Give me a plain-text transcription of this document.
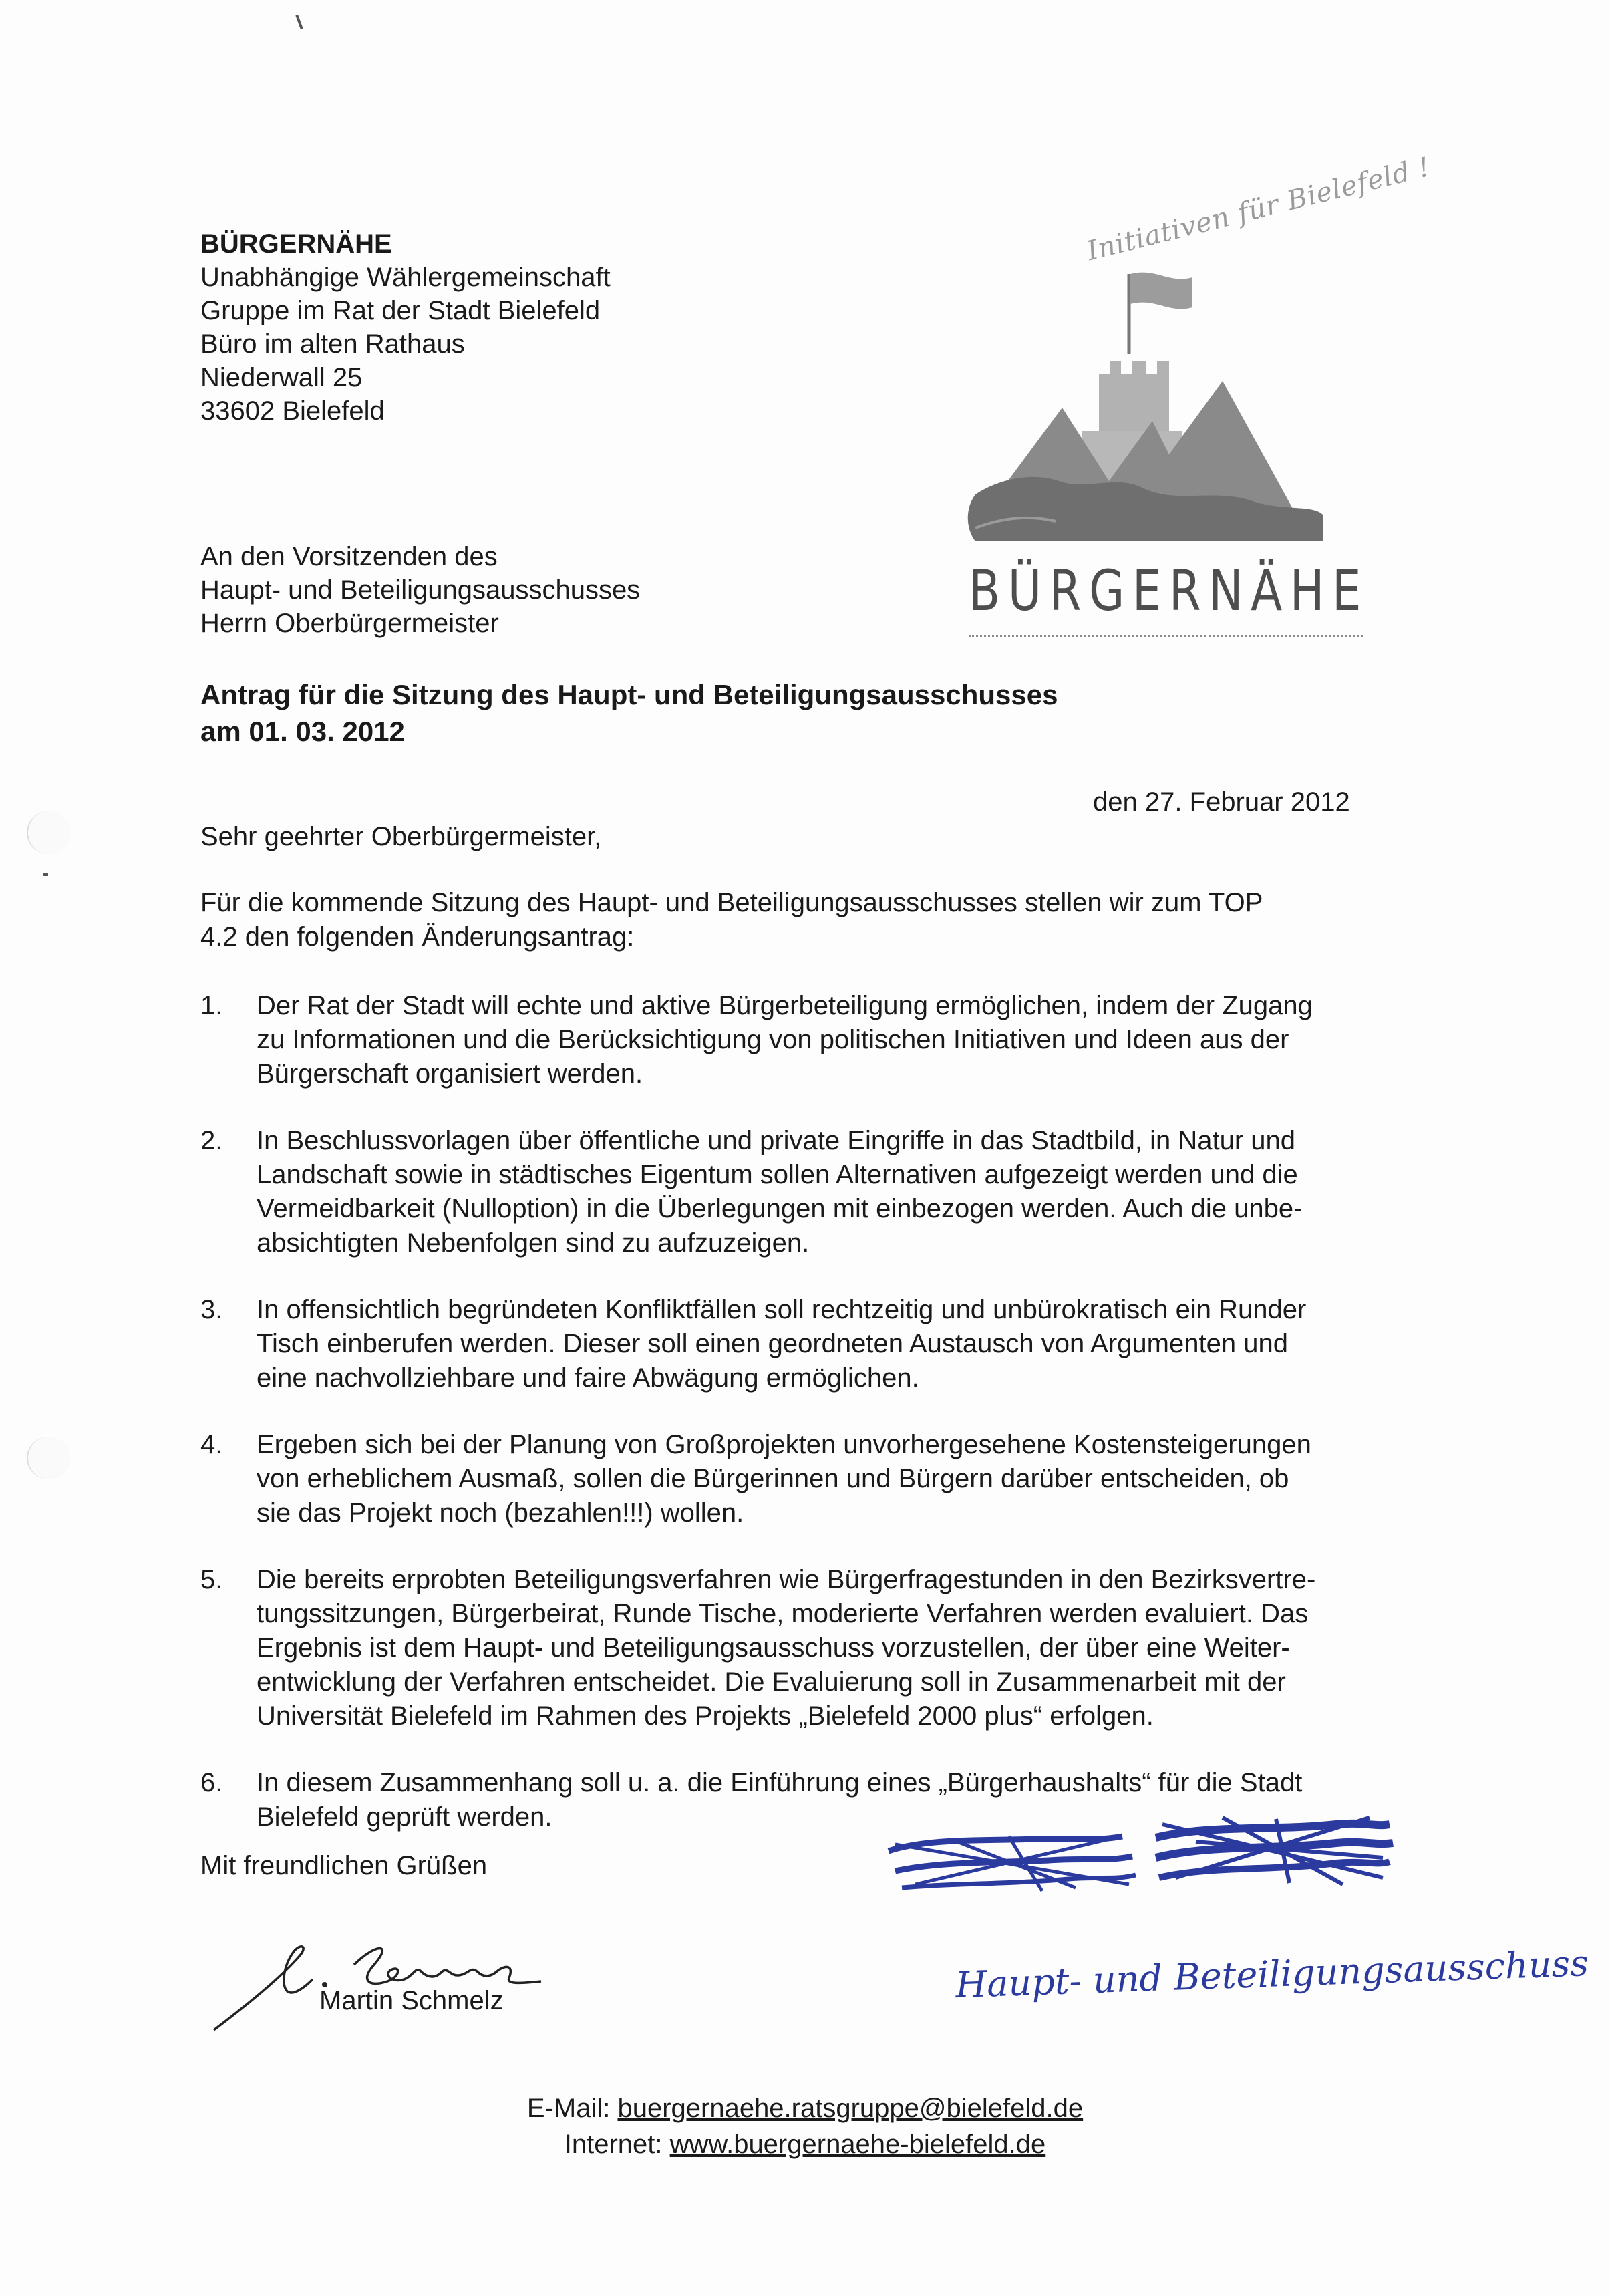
BÜRGERNÄHE
Unabhängige Wählergemeinschaft
Gruppe im Rat der Stadt Bielefeld
Büro im alten Rathaus
Niederwall 25
33602 Bielefeld
Initiativen für Bielefeld !
BÜRGERNÄHE
An den Vorsitzenden des
Haupt- und Beteiligungsausschusses
Herrn Oberbürgermeister
Antrag für die Sitzung des Haupt- und Beteiligungsausschusses
am 01. 03. 2012
den 27. Februar 2012
Sehr geehrter Oberbürgermeister,
Für die kommende Sitzung des Haupt- und Beteiligungsausschusses stellen wir zum TOP
4.2 den folgenden Änderungsantrag:
1. Der Rat der Stadt will echte und aktive Bürgerbeteiligung ermöglichen, indem der Zugang
zu Informationen und die Berücksichtigung von politischen Initiativen und Ideen aus der
Bürgerschaft organisiert werden.
2. In Beschlussvorlagen über öffentliche und private Eingriffe in das Stadtbild, in Natur und
Landschaft sowie in städtisches Eigentum sollen Alternativen aufgezeigt werden und die
Vermeidbarkeit (Nulloption) in die Überlegungen mit einbezogen werden. Auch die unbe-
absichtigten Nebenfolgen sind zu aufzuzeigen.
3. In offensichtlich begründeten Konfliktfällen soll rechtzeitig und unbürokratisch ein Runder
Tisch einberufen werden. Dieser soll einen geordneten Austausch von Argumenten und
eine nachvollziehbare und faire Abwägung ermöglichen.
4. Ergeben sich bei der Planung von Großprojekten unvorhergesehene Kostensteigerungen
von erheblichem Ausmaß, sollen die Bürgerinnen und Bürgern darüber entscheiden, ob
sie das Projekt noch (bezahlen!!!) wollen.
5. Die bereits erprobten Beteiligungsverfahren wie Bürgerfragestunden in den Bezirksvertre-
tungssitzungen, Bürgerbeirat, Runde Tische, moderierte Verfahren werden evaluiert. Das
Ergebnis ist dem Haupt- und Beteiligungsausschuss vorzustellen, der über eine Weiter-
entwicklung der Verfahren entscheidet. Die Evaluierung soll in Zusammenarbeit mit der
Universität Bielefeld im Rahmen des Projekts „Bielefeld 2000 plus“ erfolgen.
6. In diesem Zusammenhang soll u. a. die Einführung eines „Bürgerhaushalts“ für die Stadt
Bielefeld geprüft werden.
Mit freundlichen Grüßen
Martin Schmelz	Haupt- und Beteiligungsausschuss
E-Mail: buergernaehe.ratsgruppe@bielefeld.de
Internet: www.buergernaehe-bielefeld.de
